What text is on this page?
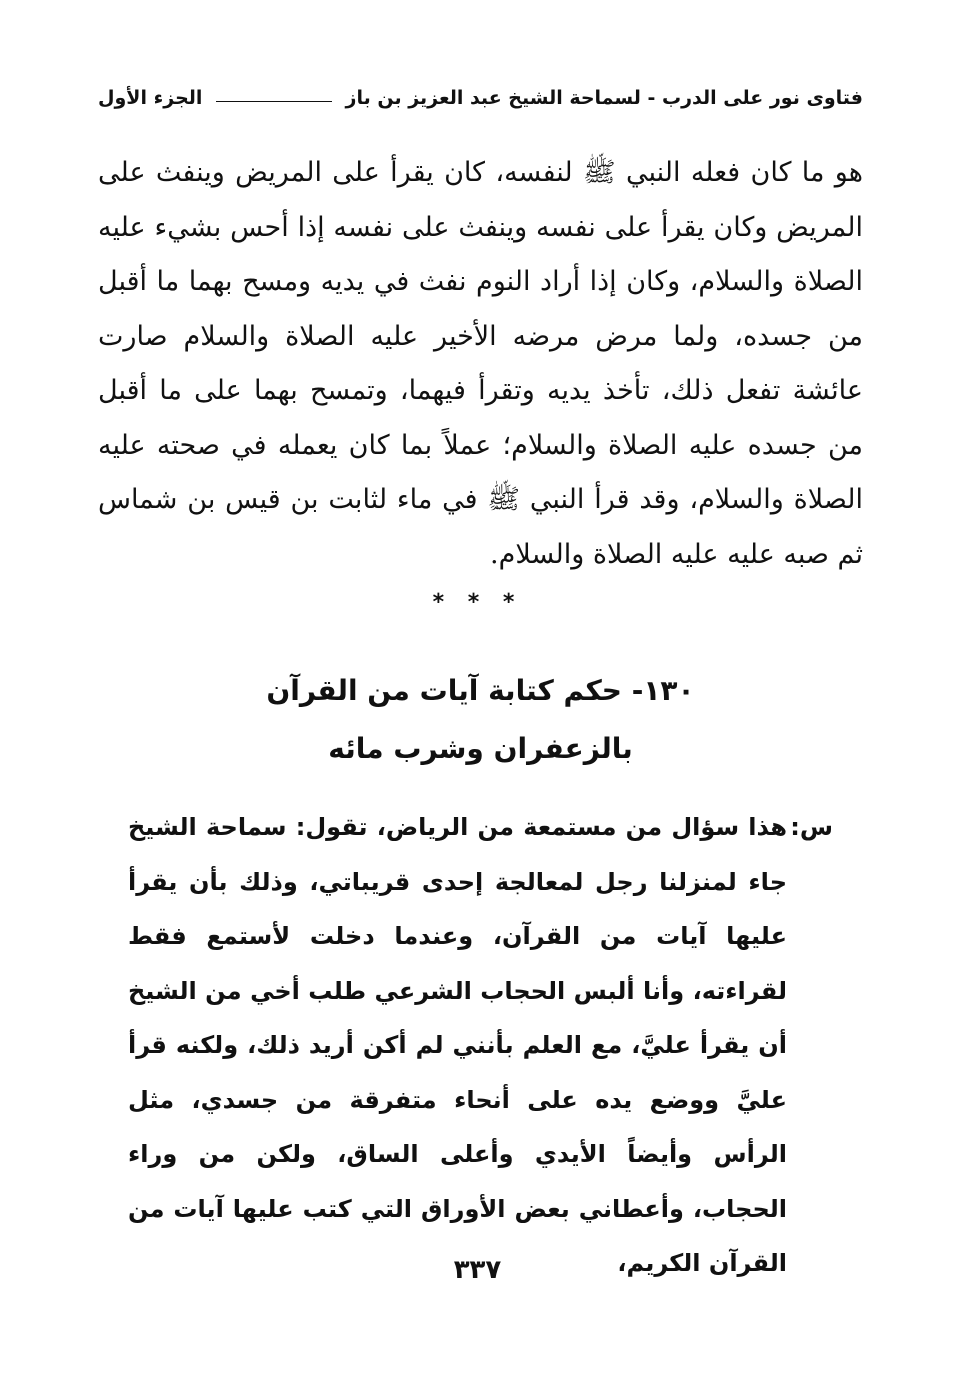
فتاوى نور على الدرب - لسماحة الشيخ عبد العزيز بن باز
الجزء الأول

هو ما كان فعله النبي ﷺ لنفسه، كان يقرأ على المريض وينفث على المريض وكان يقرأ على نفسه وينفث على نفسه إذا أحس بشيء عليه الصلاة والسلام، وكان إذا أراد النوم نفث في يديه ومسح بهما ما أقبل من جسده، ولما مرض مرضه الأخير عليه الصلاة والسلام صارت عائشة تفعل ذلك، تأخذ يديه وتقرأ فيهما، وتمسح بهما على ما أقبل من جسده عليه الصلاة والسلام؛ عملاً بما كان يعمله في صحته عليه الصلاة والسلام، وقد قرأ النبي ﷺ في ماء لثابت بن قيس بن شماس ثم صبه عليه عليه الصلاة والسلام.

* * *
١٣٠- حكم كتابة آيات من القرآن
بالزعفران وشرب مائه
س:

هذا سؤال من مستمعة من الرياض، تقول: سماحة الشيخ جاء لمنزلنا رجل لمعالجة إحدى قريباتي، وذلك بأن يقرأ عليها آيات من القرآن، وعندما دخلت لأستمع فقط لقراءته، وأنا ألبس الحجاب الشرعي طلب أخي من الشيخ أن يقرأ عليَّ، مع العلم بأنني لم أكن أريد ذلك، ولكنه قرأ عليَّ ووضع يده على أنحاء متفرقة من جسدي، مثل الرأس وأيضاً الأيدي وأعلى الساق، ولكن من وراء الحجاب، وأعطاني بعض الأوراق التي كتب عليها آيات من القرآن الكريم،

٣٣٧
